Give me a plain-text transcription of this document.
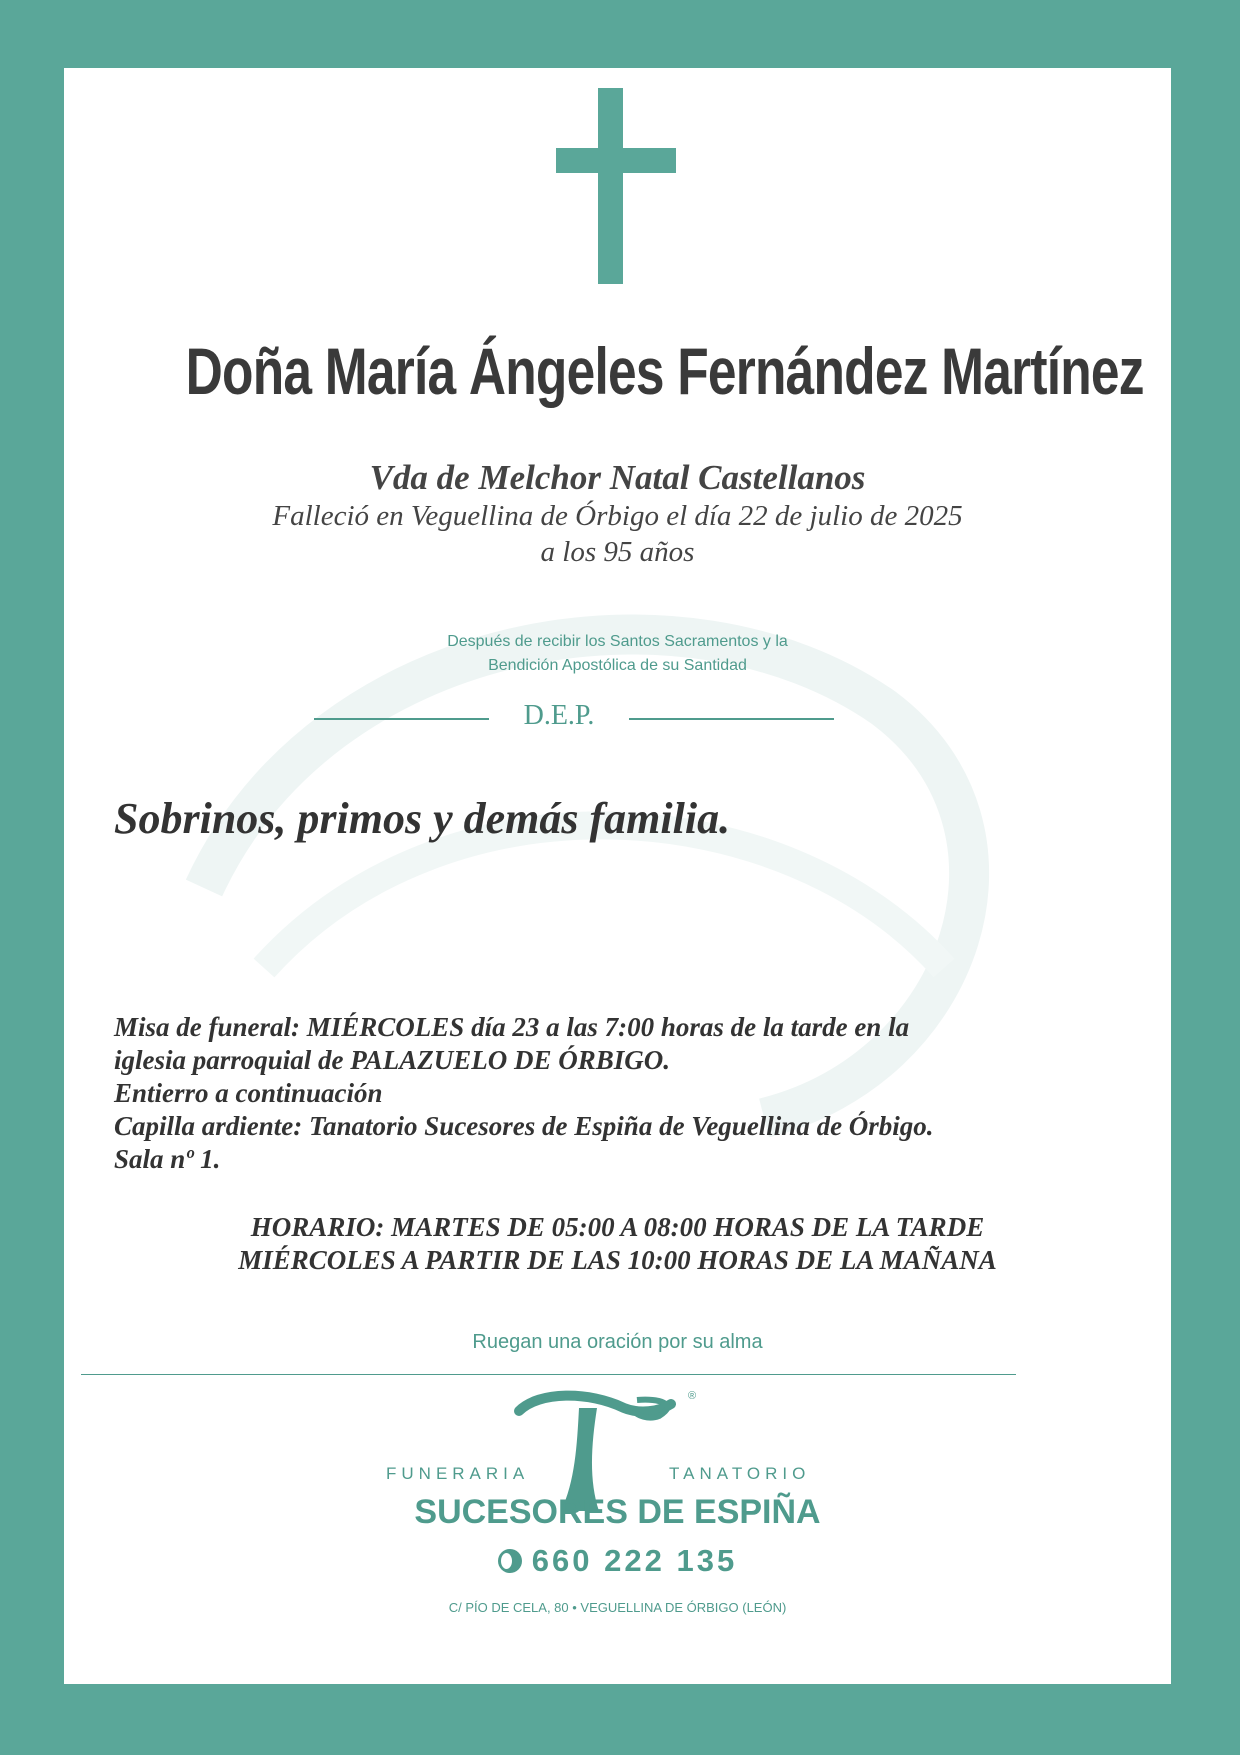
Doña María Ángeles Fernández Martínez
Vda de Melchor Natal Castellanos
Falleció en Veguellina de Órbigo el día 22 de julio de 2025
a los 95 años
Después de recibir los Santos Sacramentos y la
Bendición Apostólica de su Santidad
D.E.P.
Sobrinos, primos y demás familia.
Misa de funeral: MIÉRCOLES día 23 a las 7:00 horas de la tarde en la
iglesia parroquial de PALAZUELO DE ÓRBIGO.
Entierro a continuación
Capilla ardiente: Tanatorio Sucesores de Espiña de Veguellina de Órbigo.
Sala nº 1.
HORARIO: MARTES DE 05:00 A 08:00 HORAS DE LA TARDE
MIÉRCOLES A PARTIR DE LAS 10:00 HORAS DE LA MAÑANA
Ruegan una oración por su alma
®
FUNERARIA	TANATORIO
SUCESORES DE ESPIÑA
660 222 135
C/ PÍO DE CELA, 80 • VEGUELLINA DE ÓRBIGO (LEÓN)
